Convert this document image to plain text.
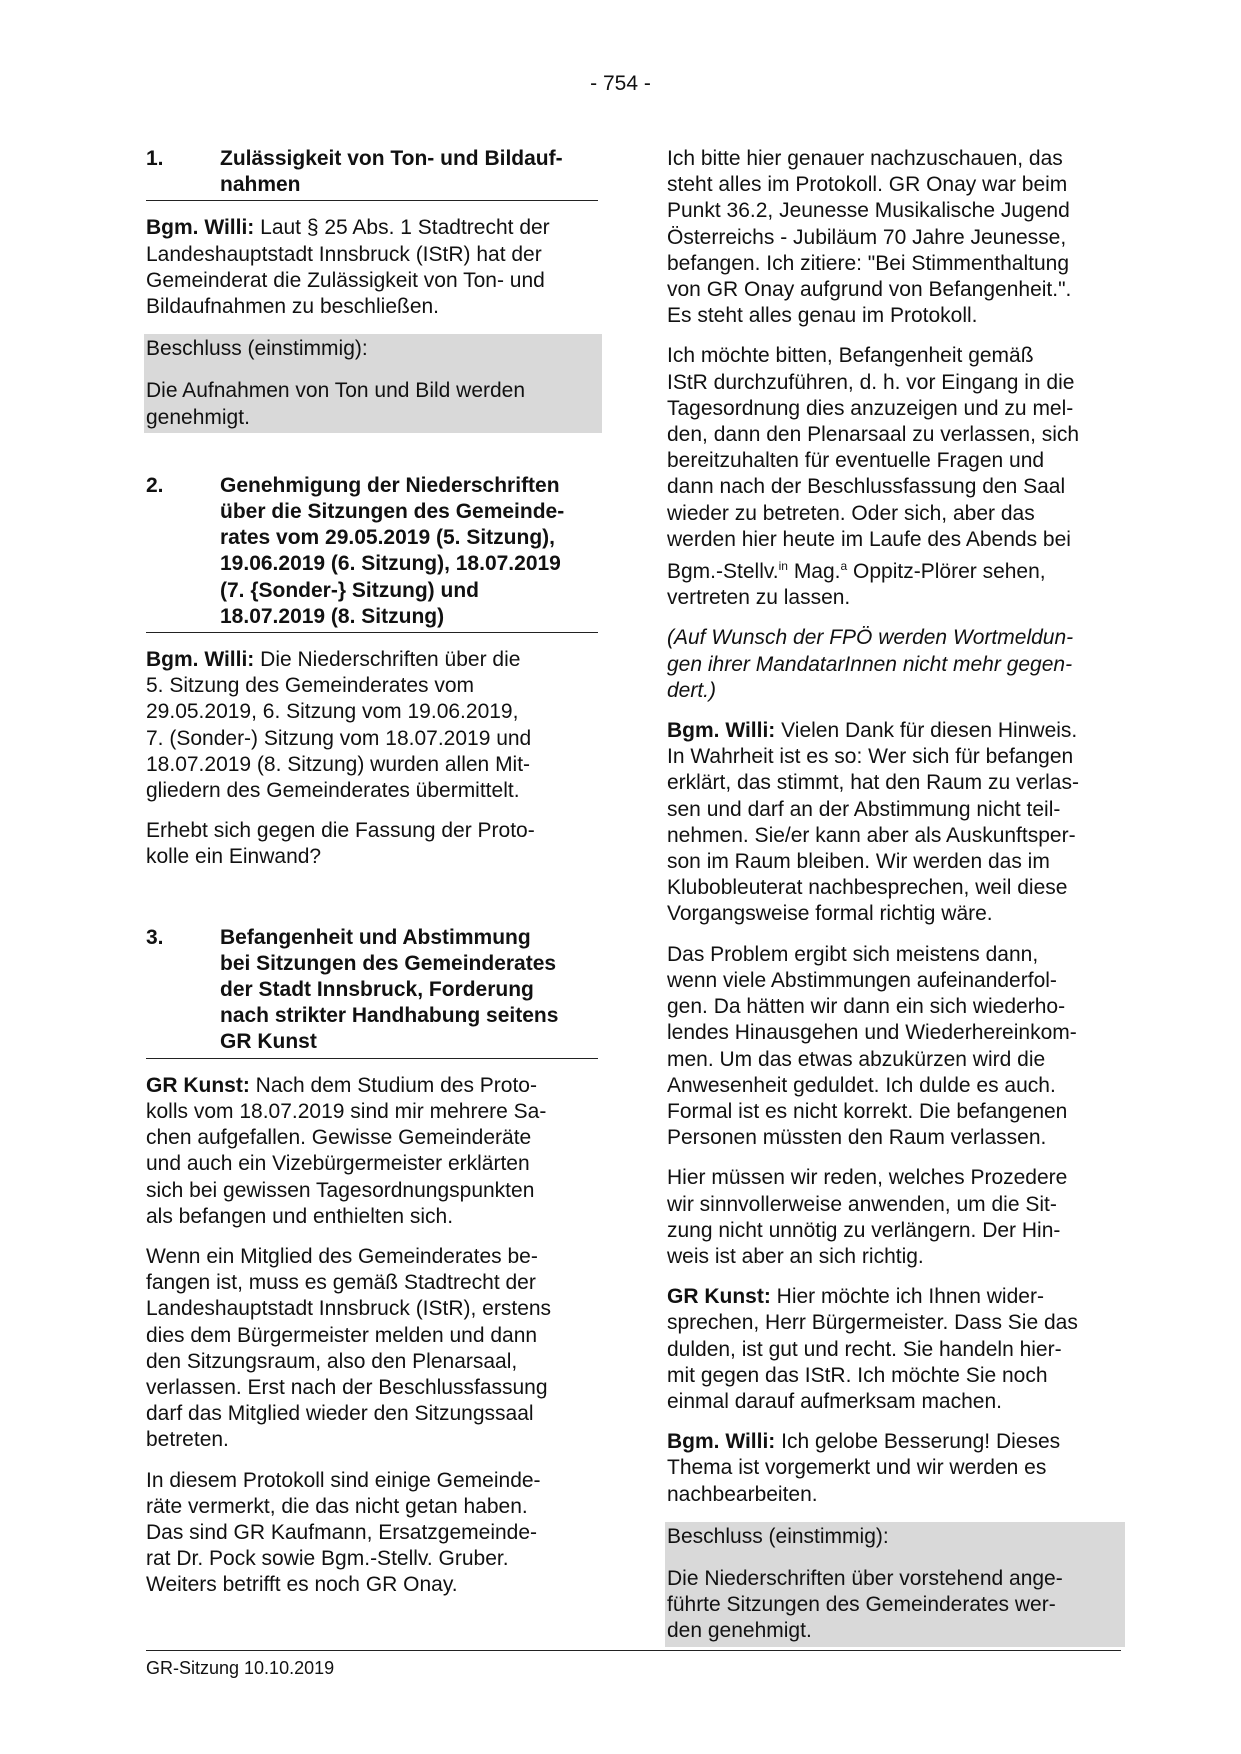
- 754 -
1.	Zulässigkeit von Ton- und Bildauf-
nahmen

Bgm. Willi: Laut § 25 Abs. 1 Stadtrecht der
Landeshauptstadt Innsbruck (IStR) hat der
Gemeinderat die Zulässigkeit von Ton- und
Bildaufnahmen zu beschließen.

Beschluss (einstimmig):

Die Aufnahmen von Ton und Bild werden
genehmigt.

2.	Genehmigung der Niederschriften
über die Sitzungen des Gemeinde-
rates vom 29.05.2019 (5. Sitzung),
19.06.2019 (6. Sitzung), 18.07.2019
(7. {Sonder-} Sitzung) und
18.07.2019 (8. Sitzung)

Bgm. Willi: Die Niederschriften über die
5. Sitzung des Gemeinderates vom
29.05.2019, 6. Sitzung vom 19.06.2019,
7. (Sonder-) Sitzung vom 18.07.2019 und
18.07.2019 (8. Sitzung) wurden allen Mit-
gliedern des Gemeinderates übermittelt.

Erhebt sich gegen die Fassung der Proto-
kolle ein Einwand?

3.	Befangenheit und Abstimmung
bei Sitzungen des Gemeinderates
der Stadt Innsbruck, Forderung
nach strikter Handhabung seitens
GR Kunst

GR Kunst: Nach dem Studium des Proto-
kolls vom 18.07.2019 sind mir mehrere Sa-
chen aufgefallen. Gewisse Gemeinderäte
und auch ein Vizebürgermeister erklärten
sich bei gewissen Tagesordnungspunkten
als befangen und enthielten sich.

Wenn ein Mitglied des Gemeinderates be-
fangen ist, muss es gemäß Stadtrecht der
Landeshauptstadt Innsbruck (IStR), erstens
dies dem Bürgermeister melden und dann
den Sitzungsraum, also den Plenarsaal,
verlassen. Erst nach der Beschlussfassung
darf das Mitglied wieder den Sitzungssaal
betreten.

In diesem Protokoll sind einige Gemeinde-
räte vermerkt, die das nicht getan haben.
Das sind GR Kaufmann, Ersatzgemeinde-
rat Dr. Pock sowie Bgm.-Stellv. Gruber.
Weiters betrifft es noch GR Onay.

Ich bitte hier genauer nachzuschauen, das
steht alles im Protokoll. GR Onay war beim
Punkt 36.2, Jeunesse Musikalische Jugend
Österreichs - Jubiläum 70 Jahre Jeunesse,
befangen. Ich zitiere: "Bei Stimmenthaltung
von GR Onay aufgrund von Befangenheit.".
Es steht alles genau im Protokoll.

Ich möchte bitten, Befangenheit gemäß
IStR durchzuführen, d. h. vor Eingang in die
Tagesordnung dies anzuzeigen und zu mel-
den, dann den Plenarsaal zu verlassen, sich
bereitzuhalten für eventuelle Fragen und
dann nach der Beschlussfassung den Saal
wieder zu betreten. Oder sich, aber das
werden hier heute im Laufe des Abends bei
Bgm.-Stellv.$^{in}$ Mag.$^a$ Oppitz-Plörer sehen,
vertreten zu lassen.

(Auf Wunsch der FPÖ werden Wortmeldun-
gen ihrer MandatarInnen nicht mehr gegen-
dert.)

Bgm. Willi: Vielen Dank für diesen Hinweis.
In Wahrheit ist es so: Wer sich für befangen
erklärt, das stimmt, hat den Raum zu verlas-
sen und darf an der Abstimmung nicht teil-
nehmen. Sie/er kann aber als Auskunftsper-
son im Raum bleiben. Wir werden das im
Klubobleuterat nachbesprechen, weil diese
Vorgangsweise formal richtig wäre.

Das Problem ergibt sich meistens dann,
wenn viele Abstimmungen aufeinanderfol-
gen. Da hätten wir dann ein sich wiederho-
lendes Hinausgehen und Wiederhereinkom-
men. Um das etwas abzukürzen wird die
Anwesenheit geduldet. Ich dulde es auch.
Formal ist es nicht korrekt. Die befangenen
Personen müssten den Raum verlassen.

Hier müssen wir reden, welches Prozedere
wir sinnvollerweise anwenden, um die Sit-
zung nicht unnötig zu verlängern. Der Hin-
weis ist aber an sich richtig.

GR Kunst: Hier möchte ich Ihnen wider-
sprechen, Herr Bürgermeister. Dass Sie das
dulden, ist gut und recht. Sie handeln hier-
mit gegen das IStR. Ich möchte Sie noch
einmal darauf aufmerksam machen.

Bgm. Willi: Ich gelobe Besserung! Dieses
Thema ist vorgemerkt und wir werden es
nachbearbeiten.

Beschluss (einstimmig):

Die Niederschriften über vorstehend ange-
führte Sitzungen des Gemeinderates wer-
den genehmigt.

GR-Sitzung 10.10.2019
